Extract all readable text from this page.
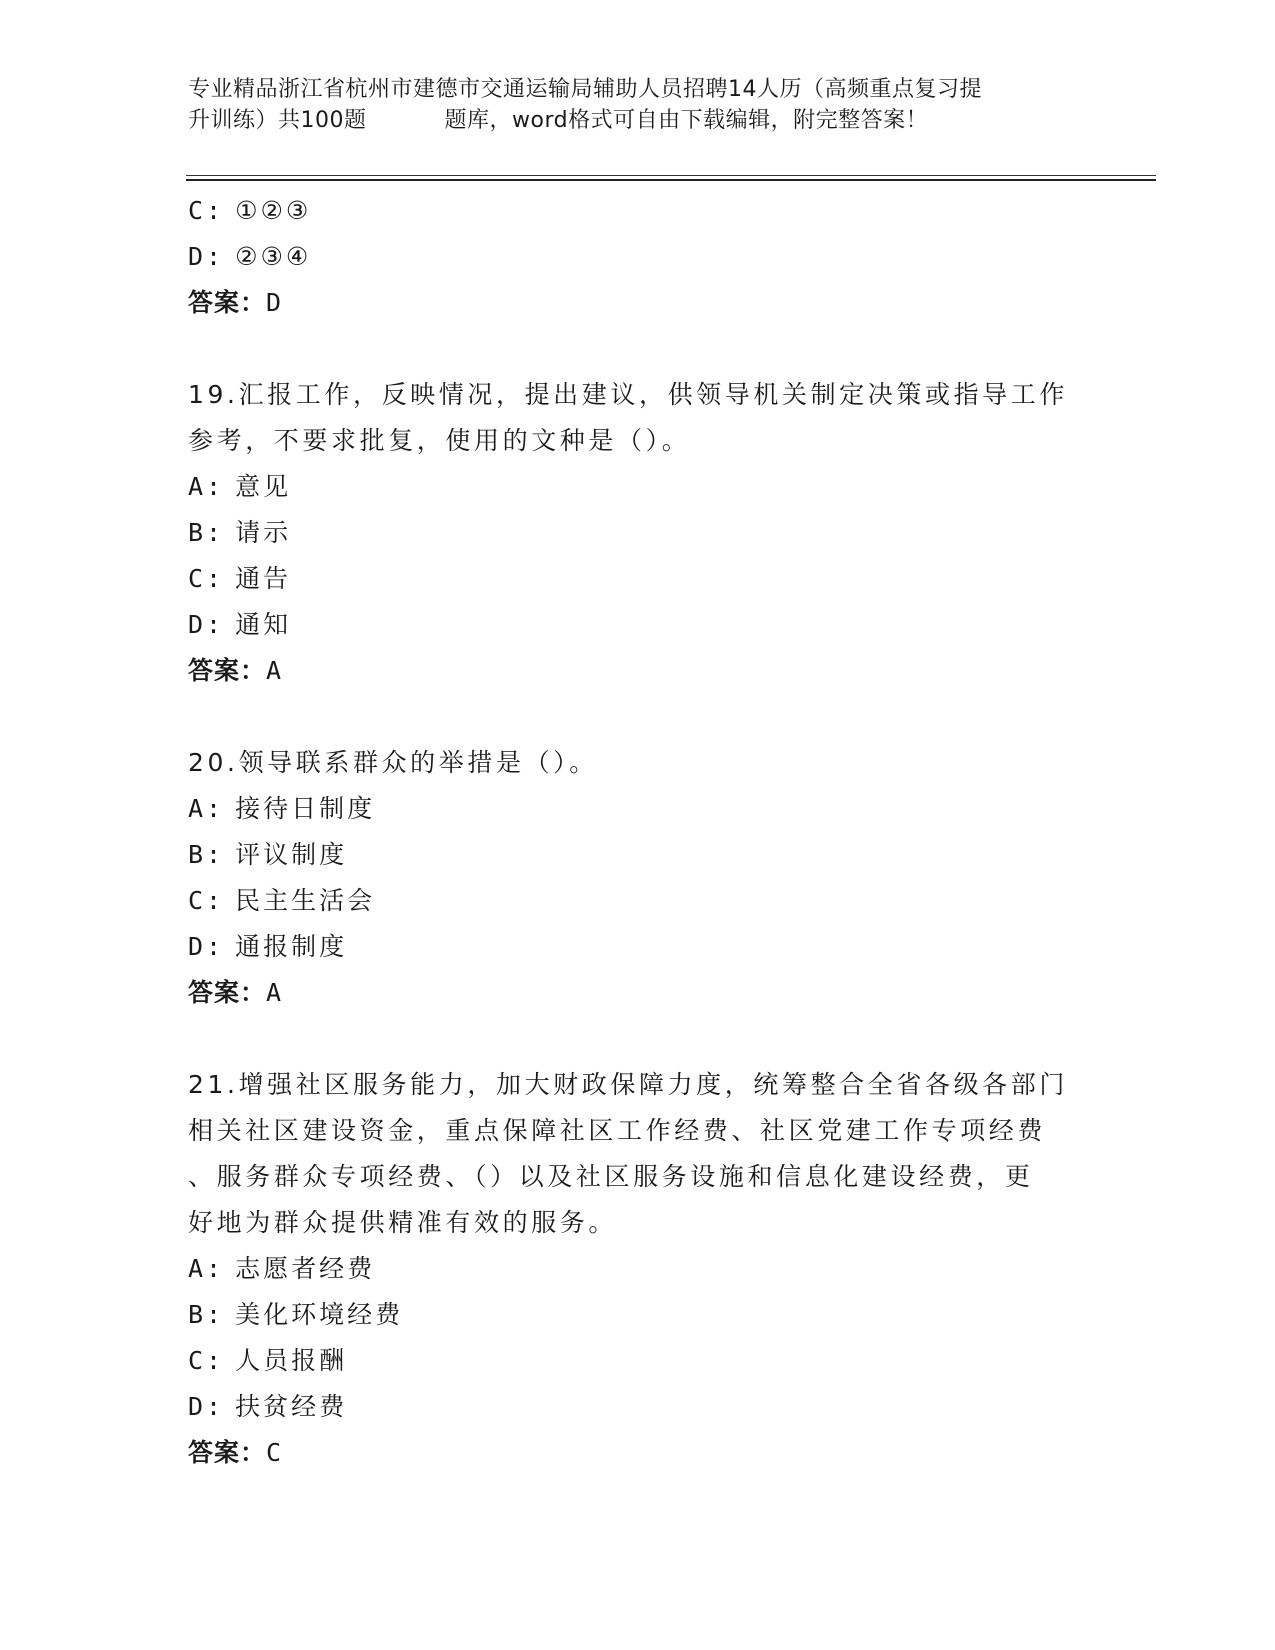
专业精品浙江省杭州市建德市交通运输局辅助人员招聘14人历（高频重点复习提
升训练）共100题	题库，word格式可自由下载编辑，附完整答案！
C: ①②③
D: ②③④
答案：D
19.汇报工作，反映情况，提出建议，供领导机关制定决策或指导工作
参考，不要求批复，使用的文种是（）。
A: 意见
B: 请示
C: 通告
D: 通知
答案：A
20.领导联系群众的举措是（）。
A: 接待日制度
B: 评议制度
C: 民主生活会
D: 通报制度
答案：A
21.增强社区服务能力，加大财政保障力度，统筹整合全省各级各部门
相关社区建设资金，重点保障社区工作经费、社区党建工作专项经费
、服务群众专项经费、（）以及社区服务设施和信息化建设经费，更
好地为群众提供精准有效的服务。
A: 志愿者经费
B: 美化环境经费
C: 人员报酬
D: 扶贫经费
答案：C
